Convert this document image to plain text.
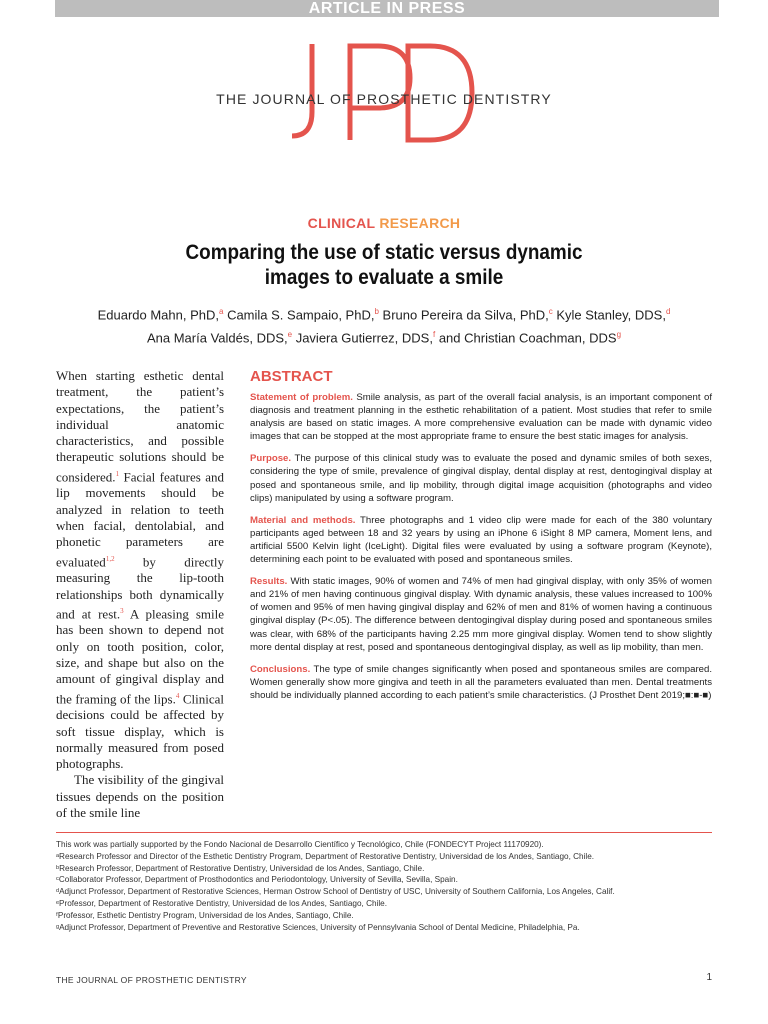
ARTICLE IN PRESS
THE JOURNAL OF PROSTHETIC DENTISTRY
CLINICAL RESEARCH
Comparing the use of static versus dynamic
images to evaluate a smile
Eduardo Mahn, PhD,$^a$ Camila S. Sampaio, PhD,$^b$ Bruno Pereira da Silva, PhD,$^c$ Kyle Stanley, DDS,$^d$
Ana María Valdés, DDS,$^e$ Javiera Gutierrez, DDS,$^f$ and Christian Coachman, DDS$^g$

When starting esthetic dental treatment, the patient’s expectations, the patient’s individual anatomic characteristics, and possible therapeutic solutions should be considered.$^1$ Facial features and lip movements should be analyzed in relation to teeth when facial, dentolabial, and phonetic parameters are evaluated$^{1,2}$ by directly measuring the lip-tooth relationships both dynamically and at rest.$^3$ A pleasing smile has been shown to depend not only on tooth position, color, size, and shape but also on the amount of gingival display and the framing of the lips.$^4$ Clinical decisions could be affected by soft tissue display, which is normally measured from posed photographs.

The visibility of the gingival tissues depends on the position of the smile line

ABSTRACT

Statement of problem. Smile analysis, as part of the overall facial analysis, is an important component of diagnosis and treatment planning in the esthetic rehabilitation of a patient. Most studies that refer to smile analysis are based on static images. A more comprehensive evaluation can be made with dynamic video images that can be stopped at the most appropriate frame to ensure the best static images for analysis.

Purpose. The purpose of this clinical study was to evaluate the posed and dynamic smiles of both sexes, considering the type of smile, prevalence of gingival display, dental display at rest, dentogingival display at posed and spontaneous smile, and lip mobility, through digital image acquisition (photographs and video clips) manipulated by using a software program.

Material and methods. Three photographs and 1 video clip were made for each of the 380 voluntary participants aged between 18 and 32 years by using an iPhone 6 iSight 8 MP camera, Moment lens, and artificial 5500 Kelvin light (IceLight). Digital files were evaluated by using a software program (Keynote), determining each point to be evaluated with posed and spontaneous smiles.

Results. With static images, 90% of women and 74% of men had gingival display, with only 35% of women and 21% of men having continuous gingival display. With dynamic analysis, these values increased to 100% of women and 95% of men having gingival display and 62% of men and 81% of women having a continuous gingival display (P<.05). The difference between dentogingival display during posed and spontaneous smiles was clear, with 68% of the participants having 2.25 mm more gingival display. Women tend to show slightly more dental display at rest, posed and spontaneous dentogingival display, as well as lip mobility, than men.

Conclusions. The type of smile changes significantly when posed and spontaneous smiles are compared. Women generally show more gingiva and teeth in all the parameters evaluated than men. Dental treatments should be individually planned according to each patient’s smile characteristics. (J Prosthet Dent 2019;■:■-■)

This work was partially supported by the Fondo Nacional de Desarrollo Científico y Tecnológico, Chile (FONDECYT Project 11170920).
ᵃResearch Professor and Director of the Esthetic Dentistry Program, Department of Restorative Dentistry, Universidad de los Andes, Santiago, Chile.
ᵇResearch Professor, Department of Restorative Dentistry, Universidad de los Andes, Santiago, Chile.
ᶜCollaborator Professor, Department of Prosthodontics and Periodontology, University of Sevilla, Sevilla, Spain.
ᵈAdjunct Professor, Department of Restorative Sciences, Herman Ostrow School of Dentistry of USC, University of Southern California, Los Angeles, Calif.
ᵉProfessor, Department of Restorative Dentistry, Universidad de los Andes, Santiago, Chile.
ᶠProfessor, Esthetic Dentistry Program, Universidad de los Andes, Santiago, Chile.
ᵍAdjunct Professor, Department of Preventive and Restorative Sciences, University of Pennsylvania School of Dental Medicine, Philadelphia, Pa.
THE JOURNAL OF PROSTHETIC DENTISTRY	1
